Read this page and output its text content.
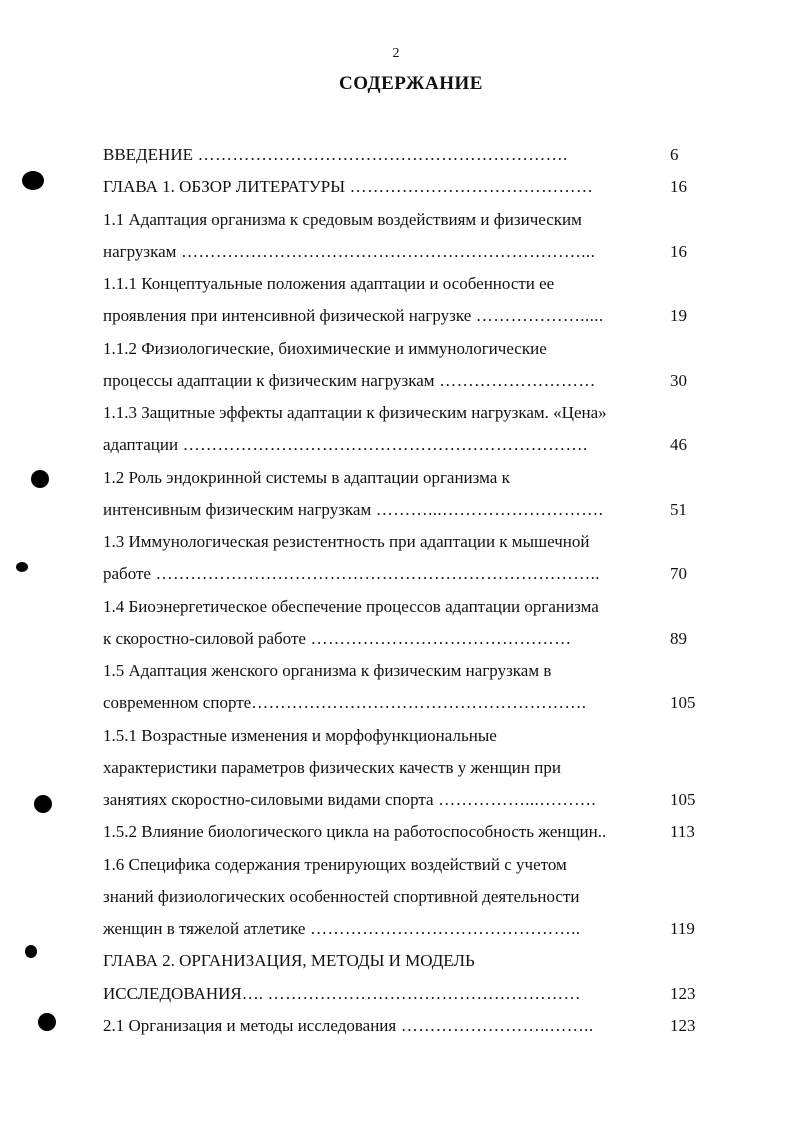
2
СОДЕРЖАНИЕ
ВВЕДЕНИЕ ……………………………………………………….	6
ГЛАВА 1. ОБЗОР ЛИТЕРАТУРЫ ……………………………………	16
1.1 Адаптация организма к средовым воздействиям и физическим
нагрузкам ……………………………………………………………...	16
1.1.1 Концептуальные положения адаптации и особенности ее
проявления при интенсивной физической нагрузке ……………….....	19
1.1.2 Физиологические, биохимические и иммунологические
процессы адаптации к физическим нагрузкам ………………………	30
1.1.3 Защитные эффекты адаптации к физическим нагрузкам. «Цена»
адаптации …………………………………………………………….	46
1.2 Роль эндокринной системы в адаптации организма к
интенсивным физическим нагрузкам ………...……………………….	51
1.3 Иммунологическая резистентность при адаптации к мышечной
работе …………………………………………………………………..	70
1.4 Биоэнергетическое обеспечение процессов адаптации организма
к скоростно-силовой работе ………………………………………	89
1.5 Адаптация женского организма к физическим нагрузкам в
современном спорте………………………………………………….	105
1.5.1 Возрастные изменения и морфофункциональные
характеристики параметров физических качеств у женщин при
занятиях скоростно-силовыми видами спорта ……………...……….	105
1.5.2 Влияние биологического цикла на работоспособность женщин..	113
1.6 Специфика содержания тренирующих воздействий с учетом
знаний физиологических особенностей спортивной деятельности
женщин в тяжелой атлетике ………………………………………..	119
ГЛАВА 2. ОРГАНИЗАЦИЯ, МЕТОДЫ И МОДЕЛЬ
ИССЛЕДОВАНИЯ…. ………………………………………………	123
2.1 Организация и методы исследования ……………………..……..	123
